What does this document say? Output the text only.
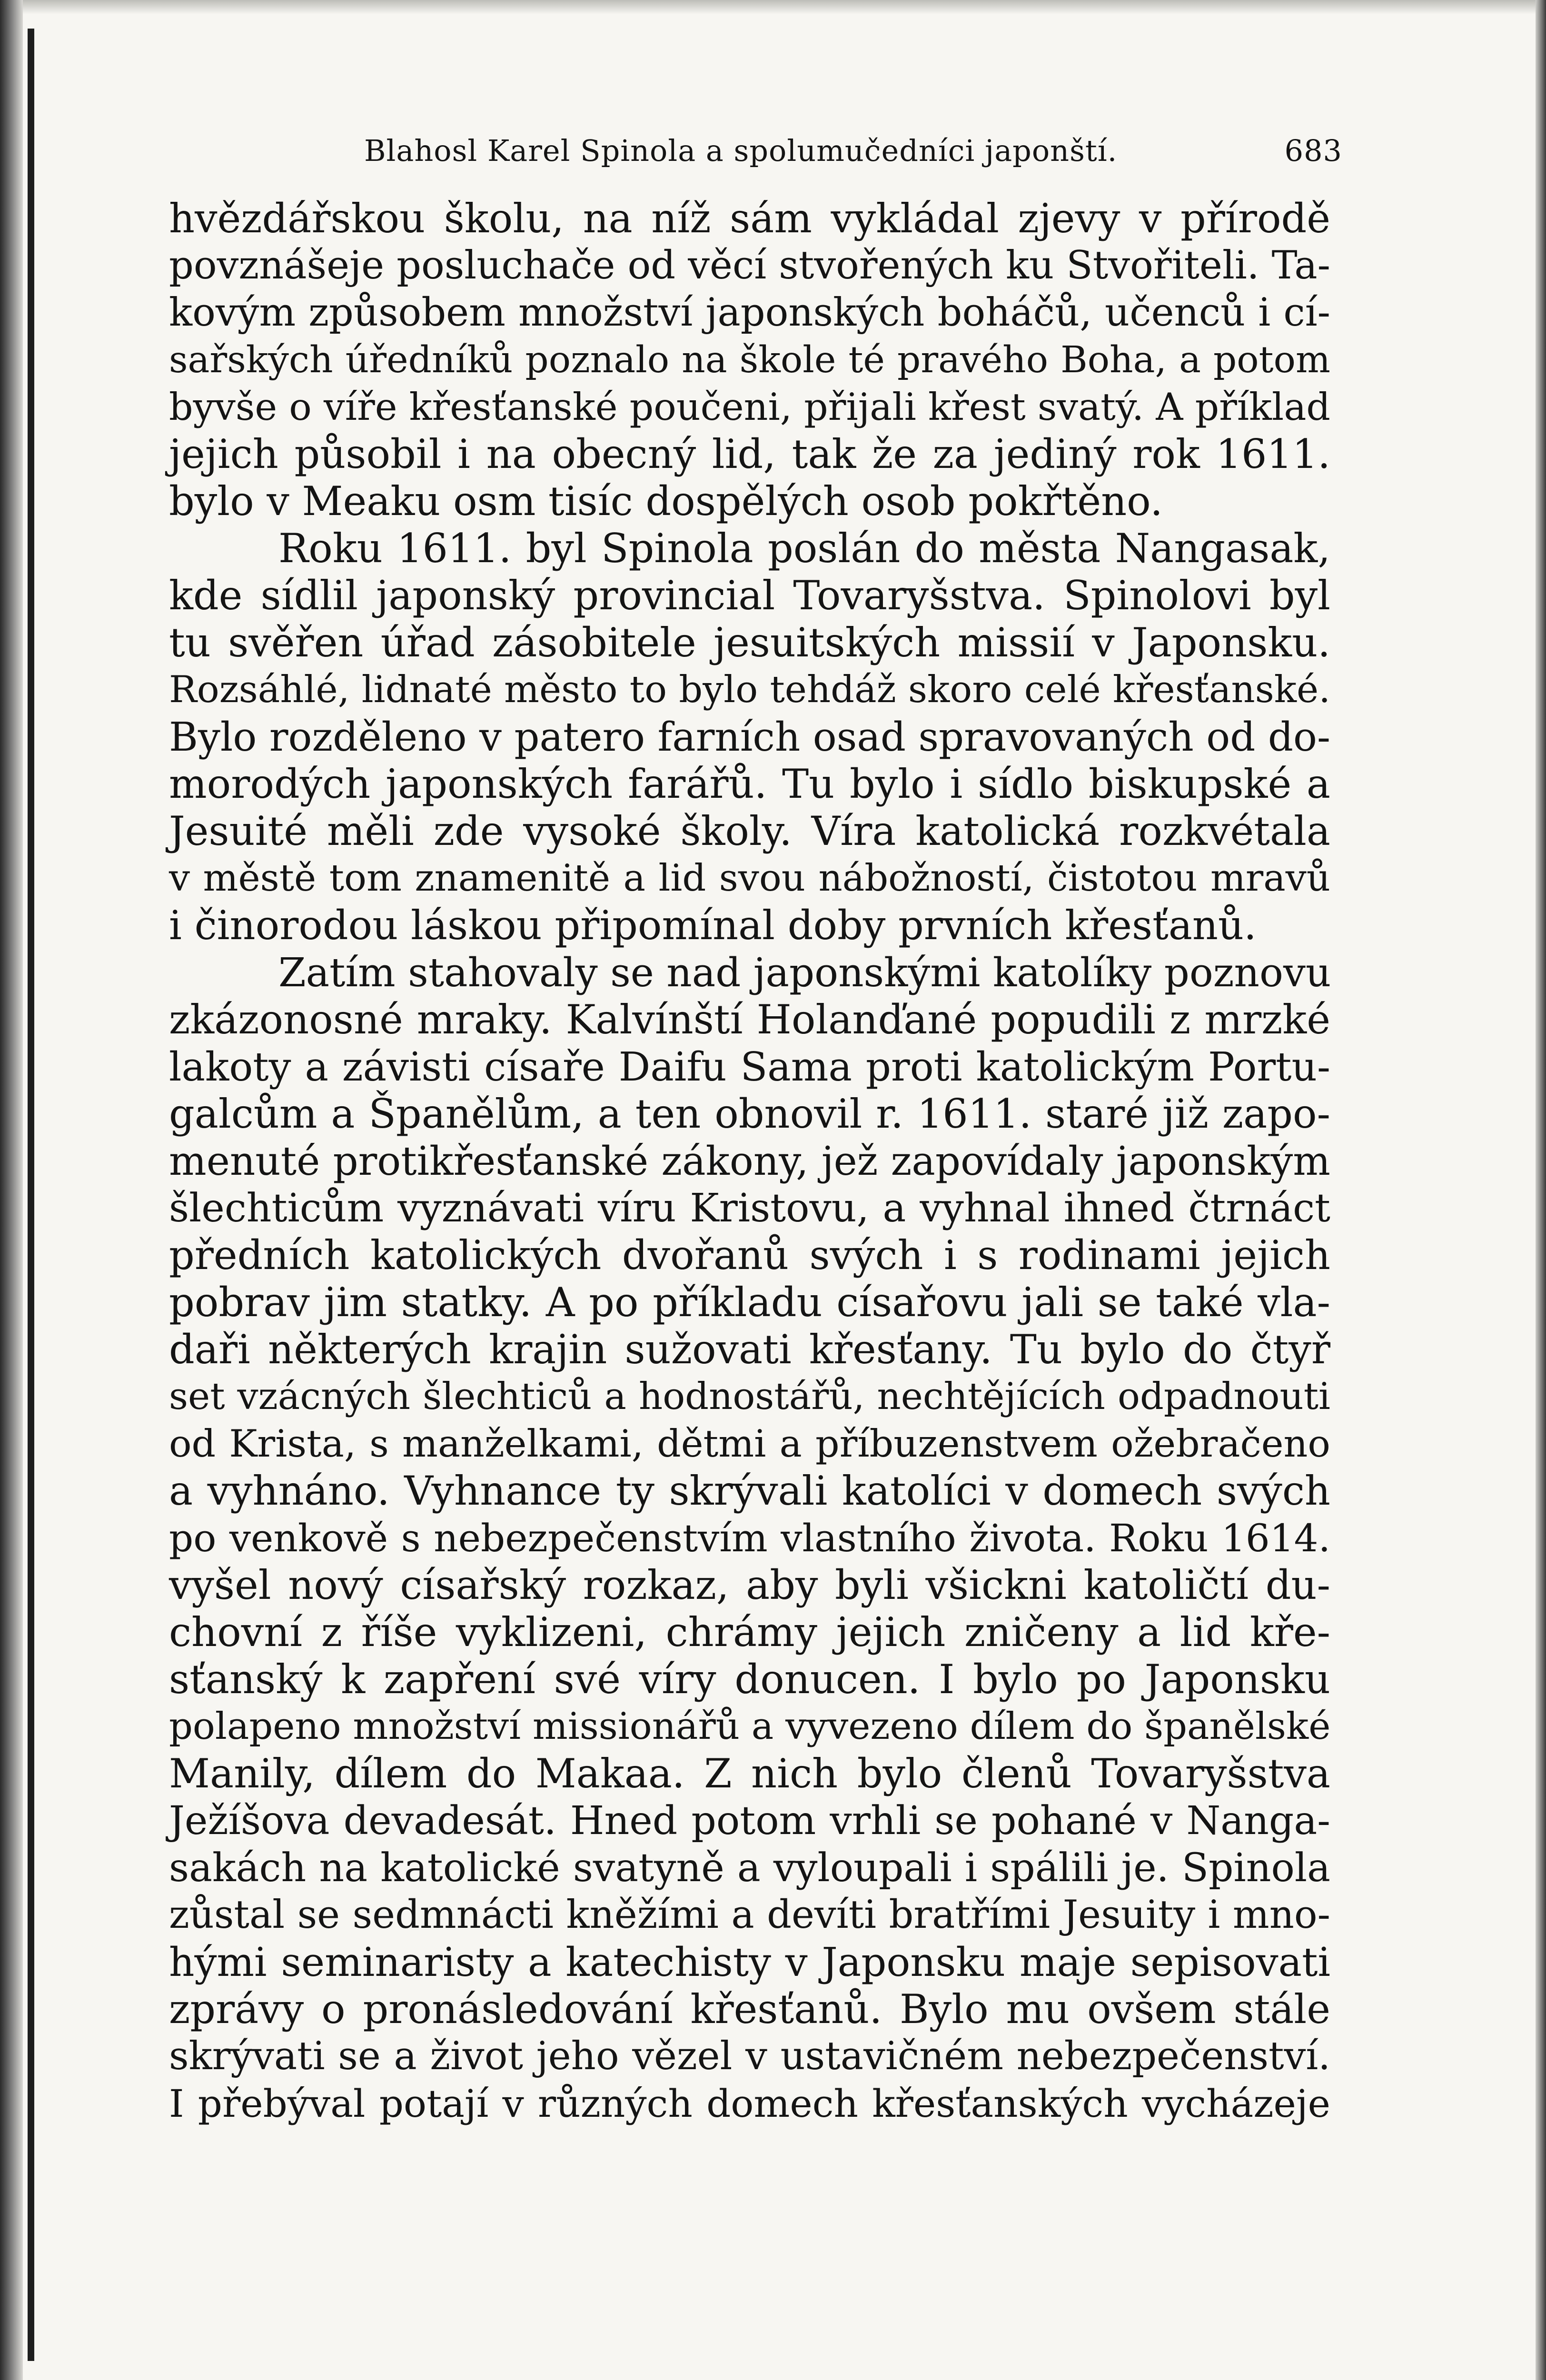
Blahosl Karel Spinola a spolumučedníci japonští.	683
hvězdářskou školu, na níž sám vykládal zjevy v přírodě
povznášeje posluchače od věcí stvořených ku Stvořiteli. Ta-
kovým způsobem množství japonských boháčů, učenců i cí-
sařských úředníků poznalo na škole té pravého Boha, a potom
byvše o víře křesťanské poučeni, přijali křest svatý. A příklad
jejich působil i na obecný lid, tak že za jediný rok 1611.
bylo v Meaku osm tisíc dospělých osob pokřtěno.
Roku 1611. byl Spinola poslán do města Nangasak,
kde sídlil japonský provincial Tovaryšstva. Spinolovi byl
tu svěřen úřad zásobitele jesuitských missií v Japonsku.
Rozsáhlé, lidnaté město to bylo tehdáž skoro celé křesťanské.
Bylo rozděleno v patero farních osad spravovaných od do-
morodých japonských farářů. Tu bylo i sídlo biskupské a
Jesuité měli zde vysoké školy. Víra katolická rozkvétala
v městě tom znamenitě a lid svou nábožností, čistotou mravů
i činorodou láskou připomínal doby prvních křesťanů.
Zatím stahovaly se nad japonskými katolíky poznovu
zkázonosné mraky. Kalvínští Holanďané popudili z mrzké
lakoty a závisti císaře Daifu Sama proti katolickým Portu-
galcům a Španělům, a ten obnovil r. 1611. staré již zapo-
menuté protikřesťanské zákony, jež zapovídaly japonským
šlechticům vyznávati víru Kristovu, a vyhnal ihned čtrnáct
předních katolických dvořanů svých i s rodinami jejich
pobrav jim statky. A po příkladu císařovu jali se také vla-
daři některých krajin sužovati křesťany. Tu bylo do čtyř
set vzácných šlechticů a hodnostářů, nechtějících odpadnouti
od Krista, s manželkami, dětmi a příbuzenstvem ožebračeno
a vyhnáno. Vyhnance ty skrývali katolíci v domech svých
po venkově s nebezpečenstvím vlastního života. Roku 1614.
vyšel nový císařský rozkaz, aby byli všickni katoličtí du-
chovní z říše vyklizeni, chrámy jejich zničeny a lid kře-
sťanský k zapření své víry donucen. I bylo po Japonsku
polapeno množství missionářů a vyvezeno dílem do španělské
Manily, dílem do Makaa. Z nich bylo členů Tovaryšstva
Ježíšova devadesát. Hned potom vrhli se pohané v Nanga-
sakách na katolické svatyně a vyloupali i spálili je. Spinola
zůstal se sedmnácti kněžími a devíti bratřími Jesuity i mno-
hými seminaristy a katechisty v Japonsku maje sepisovati
zprávy o pronásledování křesťanů. Bylo mu ovšem stále
skrývati se a život jeho vězel v ustavičném nebezpečenství.
I přebýval potají v různých domech křesťanských vycházeje
